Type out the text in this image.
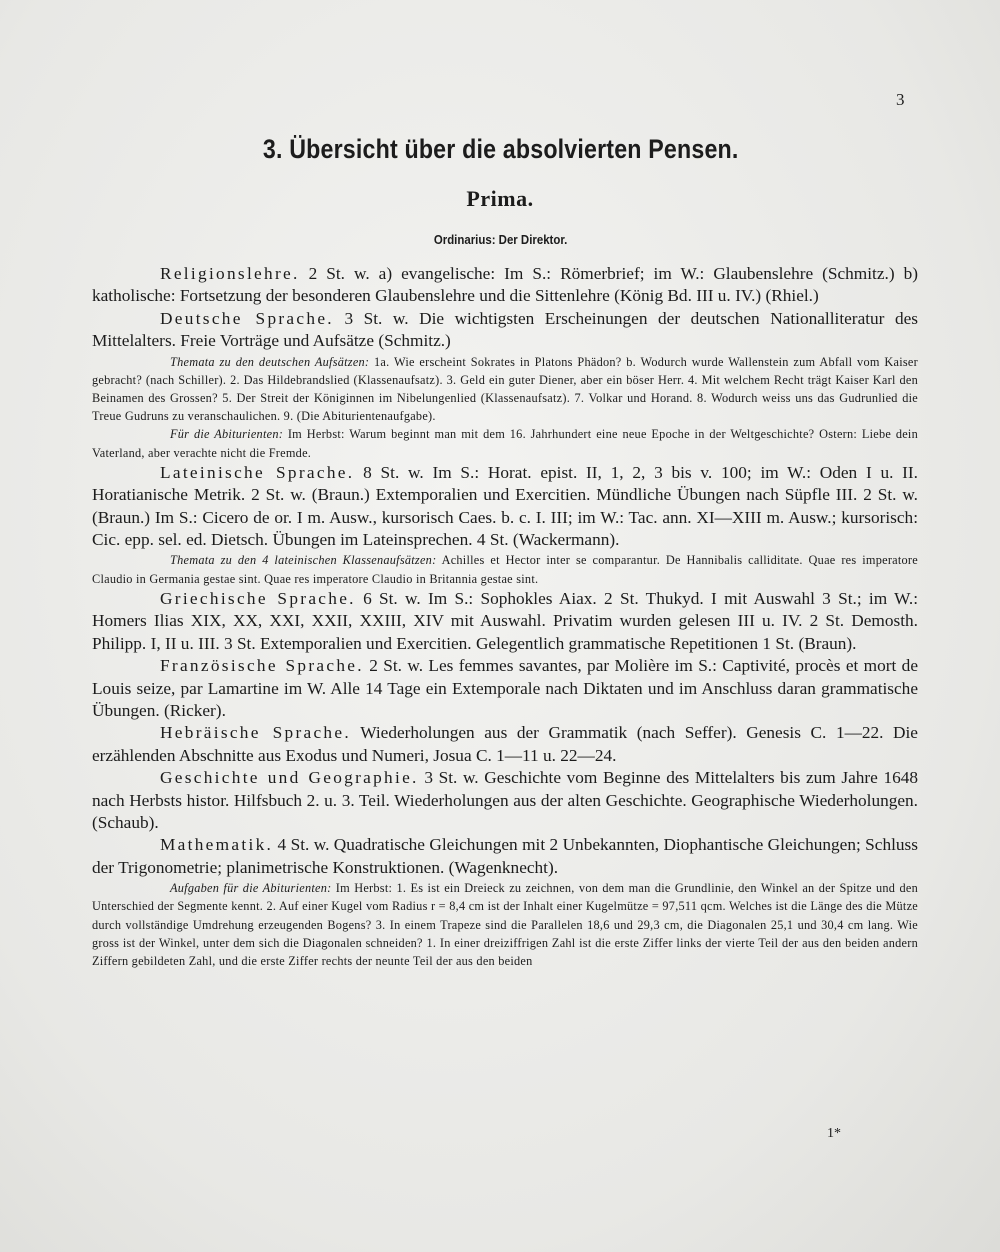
3
3. Übersicht über die absolvierten Pensen.
Prima.
Ordinarius: Der Direktor.

Religionslehre. 2 St. w. a) evangelische: Im S.: Römerbrief; im W.: Glaubenslehre (Schmitz.) b) katholische: Fortsetzung der besonderen Glaubenslehre und die Sittenlehre (König Bd. III u. IV.) (Rhiel.)

Deutsche Sprache. 3 St. w. Die wichtigsten Erscheinungen der deutschen Nationalliteratur des Mittelalters. Freie Vorträge und Aufsätze (Schmitz.)

Themata zu den deutschen Aufsätzen: 1a. Wie erscheint Sokrates in Platons Phädon? b. Wodurch wurde Wallenstein zum Abfall vom Kaiser gebracht? (nach Schiller). 2. Das Hildebrandslied (Klassenaufsatz). 3. Geld ein guter Diener, aber ein böser Herr. 4. Mit welchem Recht trägt Kaiser Karl den Beinamen des Grossen? 5. Der Streit der Königinnen im Nibelungenlied (Klassenaufsatz). 7. Volkar und Horand. 8. Wodurch weiss uns das Gudrunlied die Treue Gudruns zu veranschaulichen. 9. (Die Abiturientenaufgabe).

Für die Abiturienten: Im Herbst: Warum beginnt man mit dem 16. Jahrhundert eine neue Epoche in der Weltgeschichte? Ostern: Liebe dein Vaterland, aber verachte nicht die Fremde.

Lateinische Sprache. 8 St. w. Im S.: Horat. epist. II, 1, 2, 3 bis v. 100; im W.: Oden I u. II. Horatianische Metrik. 2 St. w. (Braun.) Extemporalien und Exercitien. Mündliche Übungen nach Süpfle III. 2 St. w. (Braun.) Im S.: Cicero de or. I m. Ausw., kursorisch Caes. b. c. I. III; im W.: Tac. ann. XI—XIII m. Ausw.; kursorisch: Cic. epp. sel. ed. Dietsch. Übungen im Lateinsprechen. 4 St. (Wackermann).

Themata zu den 4 lateinischen Klassenaufsätzen: Achilles et Hector inter se comparantur. De Hannibalis calliditate. Quae res imperatore Claudio in Germania gestae sint. Quae res imperatore Claudio in Britannia gestae sint.

Griechische Sprache. 6 St. w. Im S.: Sophokles Aiax. 2 St. Thukyd. I mit Auswahl 3 St.; im W.: Homers Ilias XIX, XX, XXI, XXII, XXIII, XIV mit Auswahl. Privatim wurden gelesen III u. IV. 2 St. Demosth. Philipp. I, II u. III. 3 St. Extemporalien und Exercitien. Gelegentlich grammatische Repetitionen 1 St. (Braun).

Französische Sprache. 2 St. w. Les femmes savantes, par Molière im S.: Captivité, procès et mort de Louis seize, par Lamartine im W. Alle 14 Tage ein Extemporale nach Diktaten und im Anschluss daran grammatische Übungen. (Ricker).

Hebräische Sprache. Wiederholungen aus der Grammatik (nach Seffer). Genesis C. 1—22. Die erzählenden Abschnitte aus Exodus und Numeri, Josua C. 1—11 u. 22—24.

Geschichte und Geographie. 3 St. w. Geschichte vom Beginne des Mittelalters bis zum Jahre 1648 nach Herbsts histor. Hilfsbuch 2. u. 3. Teil. Wiederholungen aus der alten Geschichte. Geographische Wiederholungen. (Schaub).

Mathematik. 4 St. w. Quadratische Gleichungen mit 2 Unbekannten, Diophantische Gleichungen; Schluss der Trigonometrie; planimetrische Konstruktionen. (Wagenknecht).

Aufgaben für die Abiturienten: Im Herbst: 1. Es ist ein Dreieck zu zeichnen, von dem man die Grundlinie, den Winkel an der Spitze und den Unterschied der Segmente kennt. 2. Auf einer Kugel vom Radius r = 8,4 cm ist der Inhalt einer Kugelmütze = 97,511 qcm. Welches ist die Länge des die Mütze durch vollständige Umdrehung erzeugenden Bogens? 3. In einem Trapeze sind die Parallelen 18,6 und 29,3 cm, die Diagonalen 25,1 und 30,4 cm lang. Wie gross ist der Winkel, unter dem sich die Diagonalen schneiden? 1. In einer dreiziffrigen Zahl ist die erste Ziffer links der vierte Teil der aus den beiden andern Ziffern gebildeten Zahl, und die erste Ziffer rechts der neunte Teil der aus den beiden

1*
